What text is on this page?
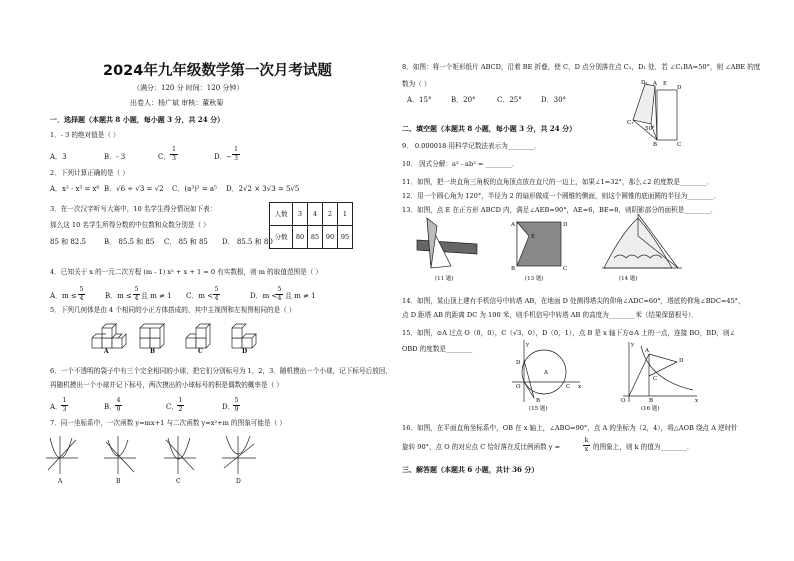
2024年九年级数学第一次月考试题
（满分：120 分 时间：120 分钟）
出卷人：杨广斌 审核：董秋菊
一．选择题（本题共 8 小题，每小题 3 分，共 24 分）
1．- 3 的绝对值是（ ）
A．3	B．- 3	C． $\frac{1}{3}$	D． − $\frac{1}{3}$
2．下列计算正确的是（ ）
A．x² · x³ = x⁶ B．√6 ÷ √3 = √2 C．(a³)² = a⁵ D．2√2 × 3√3 = 5√5
3．在一次汉字听写大赛中，10 名学生得分情况如下表：
那么这 10 名学生所得分数的中位数和众数分别是（ ）
85 和 82.5	B． 85.5 和 85 C． 85 和 85 D． 85.5 和 80
人数	3	4	2	1
分数	80	85	90	95
4．已知关于 x 的一元二次方程 (m - 1) x² + x + 1 = 0 有实数根，则 m 的取值范围是（ ）
A．$m \le \frac{5}{4}$	B．$m \le \frac{5}{4}$ 且 m ≠ 1 C．$m < \frac{5}{4}$	D．m <
$\frac{5}{4}$ 且 m ≠ 1
5．下列几何体是由 4 个相同的小正方体搭成的，其中主视图和左视图相同的是（ ）
A	B	C	D
6．一个不透明的袋子中有三个完全相同的小球，把它们分别标号为 1，2，3．随机摸出一个小球，记下标号后放回，
再随机摸出一个小球并记下标号，两次摸出的小球标号的积是偶数的概率是（ ）
A．
$\frac{1}{3}$	B．
$\frac{4}{9}$	C．
$\frac{1}{2}$	D．
$\frac{5}{9}$
7．同一坐标系中，一次函数 y=mx+1 与二次函数 y=x²+m 的图象可能是（ ）
A	B	C	D
8．如图：将一个矩形纸片 ABCD，沿着 BE 折叠，使 C，D 点分别落在点 C₁，D₁ 处．若 ∠C₁BA=50°，则 ∠ABE 的度
数为（ ）
A．15°	B．20°	C．25°	D．30°
D₁ A E
D
C₁
50°
B	C
二、填空题（本题共 8 小题，每小题 3 分，共 24 分）
9． 0.000018 用科学记数法表示为________．
10． 因式分解：a³ - ab² = ________．
11．如图，把一块直角三角板的直角顶点放在直尺的一边上，如果∠1=32°，那么∠2 的度数是________．
12．用一个圆心角为 120°，半径为 2 的扇形做成一个圆锥的侧面，则这个圆锥的底面圆的半径为________．
13．如图，点 E 在正方形 ABCD 内，满足∠AEB=90°，AE=6，BE=8，则阴影部分的面积是________．
(11 题)
A	D
E
B	C
(13 题)	(14 题)
14．如图，某山顶上建有手机信号中转塔 AB，在地面 D 处测得塔尖的仰角∠ADC=60°，塔底的仰角∠BDC=45°，
点 D 距塔 AB 的距离 DC 为 100 米，则手机信号中转塔 AB 的高度为________米（结果保留根号）．
15．如图，⊙A 过点 O（0，0），C（√3，0），D（0，1），点 B 是 x 轴下方⊙A 上的一点，连接 BO，BD，则∠
OBD 的度数是________	y
D
A
O	C x
B
(15 题)
y
A
D
B
O
C
x
(16 题)
16．如图，在平面直角坐标系中，OB 在 x 轴上，∠ABO=90°，点 A 的坐标为（2，4），将△AOB 绕点 A 逆时针
旋转 90°，点 O 的对应点 C 恰好落在反比例函数 y =	$\frac{k}{x}$ 的图象上，则 k 的值为________．
三、解答题（本题共 6 小题，共计 36 分）
